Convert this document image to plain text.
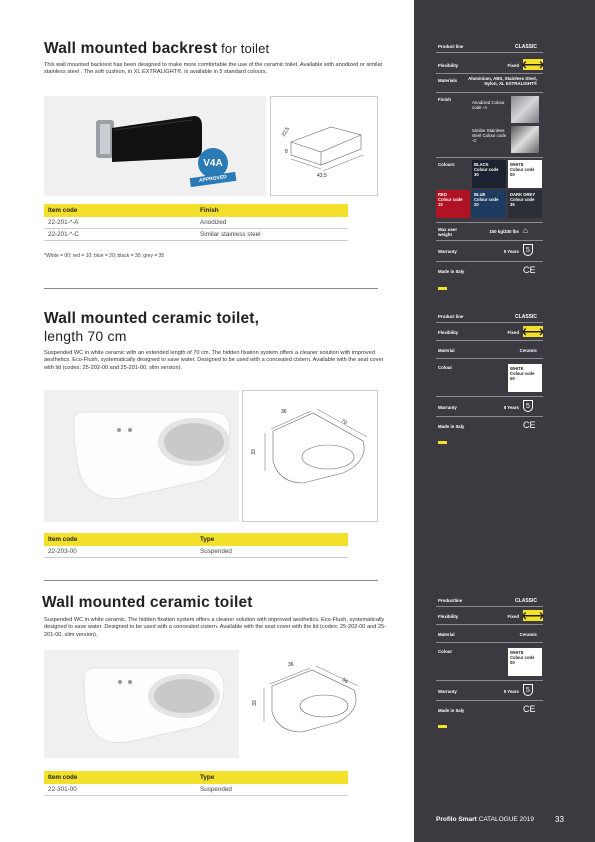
Wall mounted backrest for toilet
This wall mounted backrest has been designed to make more comfortable the use of the ceramic toilet. Available with anodized or similar stainless steel . The soft cushion, in XL EXTRALIGHT®, is available in 5 standard colours.
V4A
APPROVED
22,5
8
43,5
Item code	Finish
22-201-*-A	Anodized
22-201-*-C	Similar stainless steel
*White = 00; red = 10; blue = 20; black = 30; grey = 35
Wall mounted ceramic toilet,
length 70 cm
Suspended WC in white ceramic with an extended length of 70 cm. The hidden fixation system offers a cleaner solution with improved aesthetics. Eco-Flush, systematically designed to save water. Designed to be used with a concealed cistern. Available with the seat cover with lid (codes: 25-202-00 and 25-201-00, slim version).
36
70
33
Item code	Type
22-203-00	Suspended
Wall mounted ceramic toilet
Suspended WC in white ceramic. The hidden fixation system offers a cleaner solution with improved aesthetics. Eco-Flush, systematically designed to save water. Designed to be used with a concealed cistern. Available with the seat cover with the lid (codes: 25-202-00 and 25-201-00, slim version).
36
56
33
Item code	Type
22-301-00	Suspended
Product line	CLASSIC
Flexibility	Fixed ⟷
Materials	Aluminium, ABS, Stainless Steel, Nylon, XL EXTRALIGHT®
Finish
Anodized Colour code -A
Similar Stainless steel Colour code -C
Colours	BLACK
Colour code
30
WHITE
Colour code
00
RED
Colour code
10
BLUE
Colour code
20
DARK GREY
Colour code
35
Max user weight
150 kg/330 lbs ⌂
Warranty	5 Years	5
Made in Italy	CE
Product line	CLASSIC
Flexibility	Fixed ⟷
Material	Ceramic
Colour	WHITE
Colour code
00
Warranty	5 Years	5
Made in Italy	CE
Productline	CLASSIC
Flexibility	Fixed ⟷
Material	Ceramic
Colour	WHITE
Colour code
00
Warranty	5 Years	5
Made in Italy	CE
Profilo Smart CATALOGUE 2019	33
